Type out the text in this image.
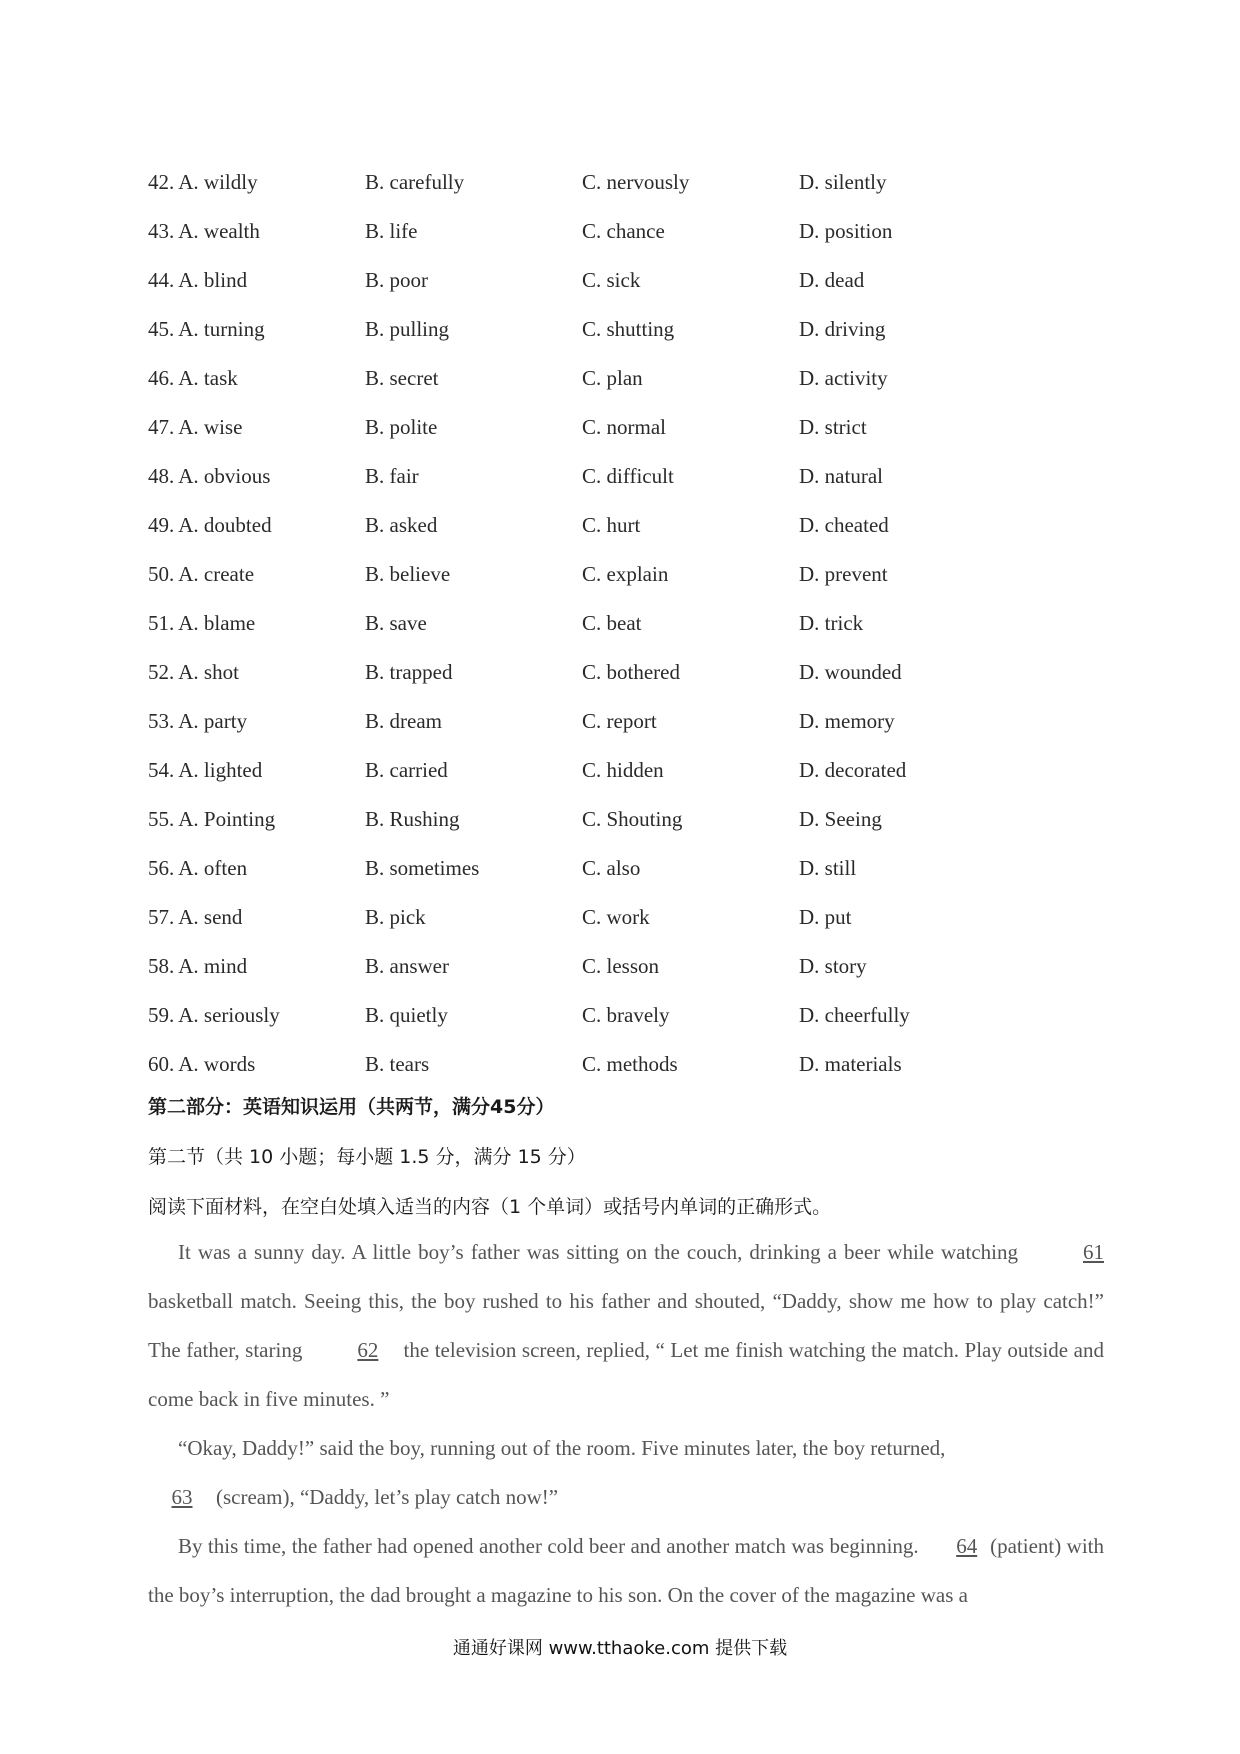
42. A. wildly	B. carefully	C. nervously	D. silently
43. A. wealth	B. life	C. chance	D. position
44. A. blind	B. poor	C. sick	D. dead
45. A. turning	B. pulling	C. shutting	D. driving
46. A. task	B. secret	C. plan	D. activity
47. A. wise	B. polite	C. normal	D. strict
48. A. obvious	B. fair	C. difficult	D. natural
49. A. doubted	B. asked	C. hurt	D. cheated
50. A. create	B. believe	C. explain	D. prevent
51. A. blame	B. save	C. beat	D. trick
52. A. shot	B. trapped	C. bothered	D. wounded
53. A. party	B. dream	C. report	D. memory
54. A. lighted	B. carried	C. hidden	D. decorated
55. A. Pointing	B. Rushing	C. Shouting	D. Seeing
56. A. often	B. sometimes	C. also	D. still
57. A. send	B. pick	C. work	D. put
58. A. mind	B. answer	C. lesson	D. story
59. A. seriously	B. quietly	C. bravely	D. cheerfully
60. A. words	B. tears	C. methods	D. materials
第二部分：英语知识运用（共两节，满分45分）
第二节（共 10 小题；每小题 1.5 分，满分 15 分）
阅读下面材料，在空白处填入适当的内容（1 个单词）或括号内单词的正确形式。

It was a sunny day. A little boy’s father was sitting on the couch, drinking a beer while watching	61 basketball match. Seeing this, the boy rushed to his father and shouted, “Daddy, show me how to play catch!” The father, staring 62 the television screen, replied, “ Let me finish watching the match. Play outside and come back in five minutes. ”

“Okay, Daddy!” said the boy, running out of the room. Five minutes later, the boy returned,
63 (scream), “Daddy, let’s play catch now!”

By this time, the father had opened another cold beer and another match was beginning. 64 (patient) with the boy’s interruption, the dad brought a magazine to his son. On the cover of the magazine was a

通通好课网 www.tthaoke.com 提供下载
